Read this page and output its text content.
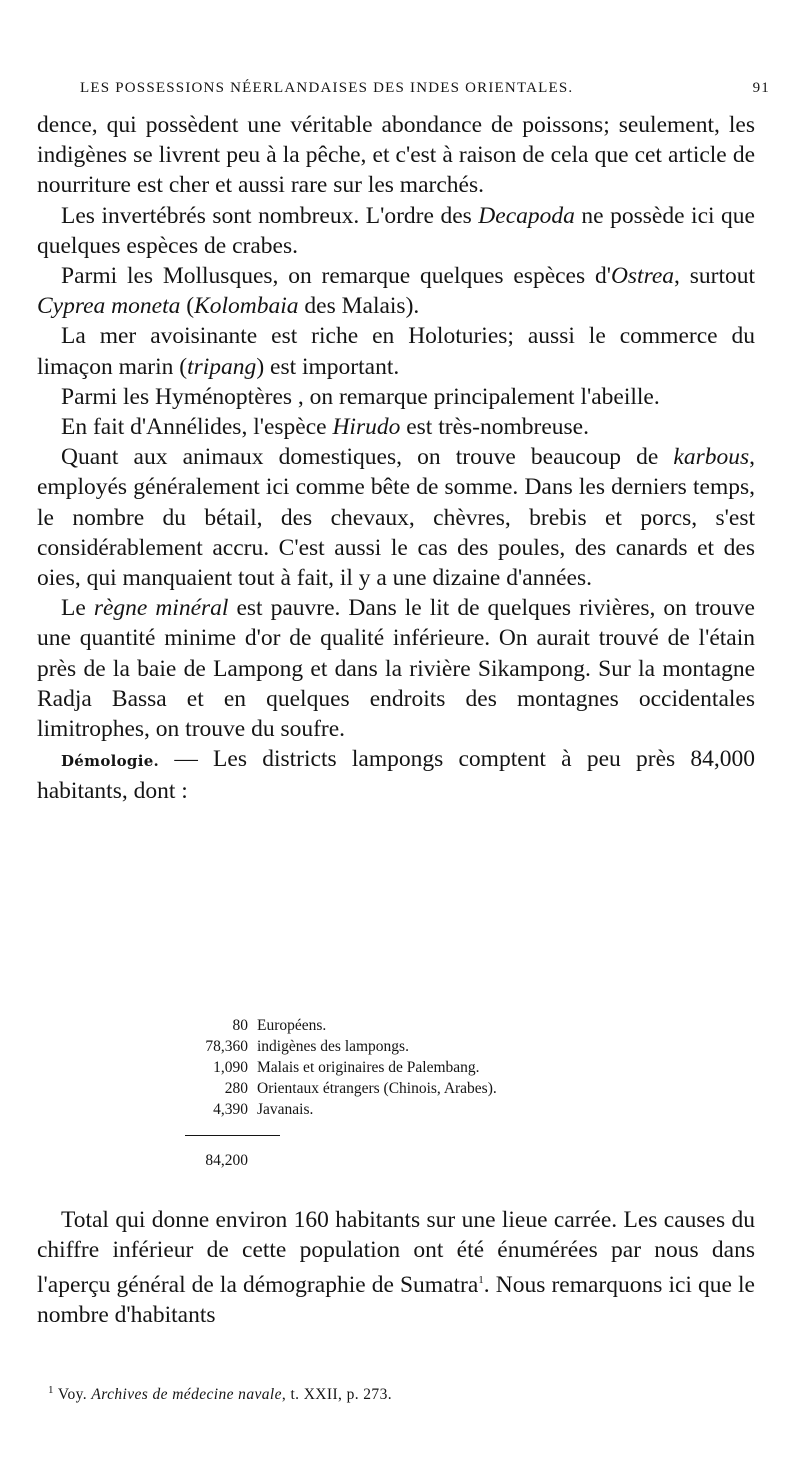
LES POSSESSIONS NÉERLANDAISES DES INDES ORIENTALES.	91

dence, qui possèdent une véritable abondance de poissons; seulement, les indigènes se livrent peu à la pêche, et c'est à raison de cela que cet article de nourriture est cher et aussi rare sur les marchés.

Les invertébrés sont nombreux. L'ordre des Decapoda ne possède ici que quelques espèces de crabes.

Parmi les Mollusques, on remarque quelques espèces d'Ostrea, surtout Cyprea moneta (Kolombaia des Malais).

La mer avoisinante est riche en Holoturies; aussi le commerce du limaçon marin (tripang) est important.

Parmi les Hyménoptères , on remarque principalement l'abeille.

En fait d'Annélides, l'espèce Hirudo est très-nombreuse.

Quant aux animaux domestiques, on trouve beaucoup de karbous, employés généralement ici comme bête de somme. Dans les derniers temps, le nombre du bétail, des chevaux, chèvres, brebis et porcs, s'est considérablement accru. C'est aussi le cas des poules, des canards et des oies, qui manquaient tout à fait, il y a une dizaine d'années.

Le règne minéral est pauvre. Dans le lit de quelques rivières, on trouve une quantité minime d'or de qualité inférieure. On aurait trouvé de l'étain près de la baie de Lampong et dans la rivière Sikampong. Sur la montagne Radja Bassa et en quelques endroits des montagnes occidentales limitrophes, on trouve du soufre.

Démologie. — Les districts lampongs comptent à peu près 84,000 habitants, dont :

80 Européens.
78,360 indigènes des lampongs.
1,090 Malais et originaires de Palembang.
280 Orientaux étrangers (Chinois, Arabes).
4,390 Javanais.
84,200

Total qui donne environ 160 habitants sur une lieue carrée. Les causes du chiffre inférieur de cette population ont été énumérées par nous dans l'aperçu général de la démographie de Sumatra$^1$. Nous remarquons ici que le nombre d'habitants

$^1$ Voy. Archives de médecine navale, t. XXII, p. 273.
